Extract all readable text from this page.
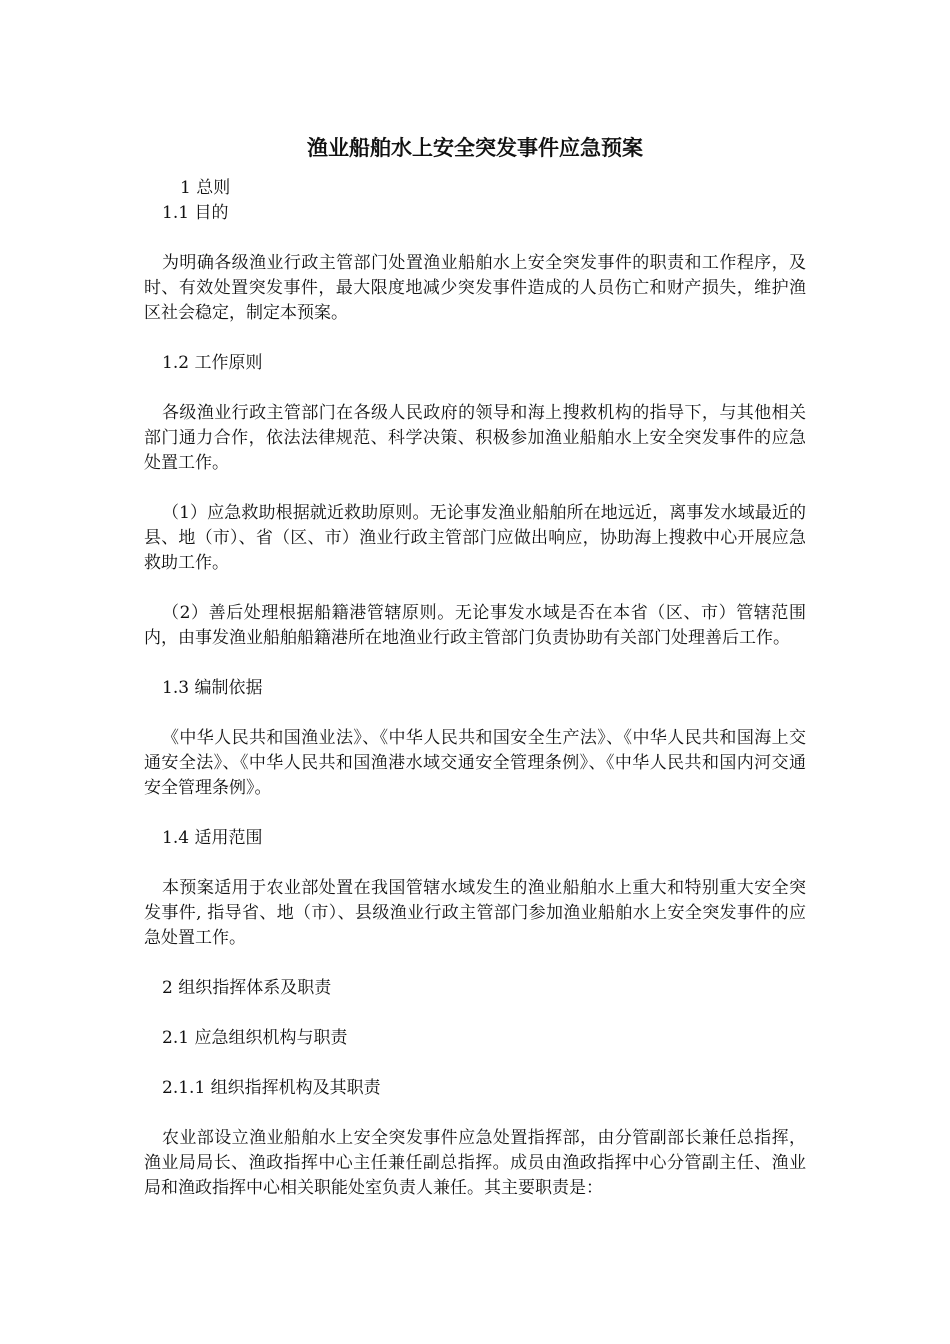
渔业船舶水上安全突发事件应急预案

1 总则

1.1 目的

为明确各级渔业行政主管部门处置渔业船舶水上安全突发事件的职责和工作程序，及时、有效处置突发事件，最大限度地减少突发事件造成的人员伤亡和财产损失，维护渔区社会稳定，制定本预案。

1.2 工作原则

各级渔业行政主管部门在各级人民政府的领导和海上搜救机构的指导下，与其他相关部门通力合作，依法法律规范、科学决策、积极参加渔业船舶水上安全突发事件的应急处置工作。

（1）应急救助根据就近救助原则。无论事发渔业船舶所在地远近，离事发水域最近的县、地（市）、省（区、市）渔业行政主管部门应做出响应，协助海上搜救中心开展应急救助工作。

（2）善后处理根据船籍港管辖原则。无论事发水域是否在本省（区、市）管辖范围内，由事发渔业船舶船籍港所在地渔业行政主管部门负责协助有关部门处理善后工作。

1.3 编制依据

《中华人民共和国渔业法》、《中华人民共和国安全生产法》、《中华人民共和国海上交通安全法》、《中华人民共和国渔港水域交通安全管理条例》、《中华人民共和国内河交通安全管理条例》。

1.4 适用范围

本预案适用于农业部处置在我国管辖水域发生的渔业船舶水上重大和特别重大安全突发事件, 指导省、地（市）、县级渔业行政主管部门参加渔业船舶水上安全突发事件的应急处置工作。

2 组织指挥体系及职责

2.1 应急组织机构与职责

2.1.1 组织指挥机构及其职责

农业部设立渔业船舶水上安全突发事件应急处置指挥部，由分管副部长兼任总指挥，渔业局局长、渔政指挥中心主任兼任副总指挥。成员由渔政指挥中心分管副主任、渔业局和渔政指挥中心相关职能处室负责人兼任。其主要职责是：
